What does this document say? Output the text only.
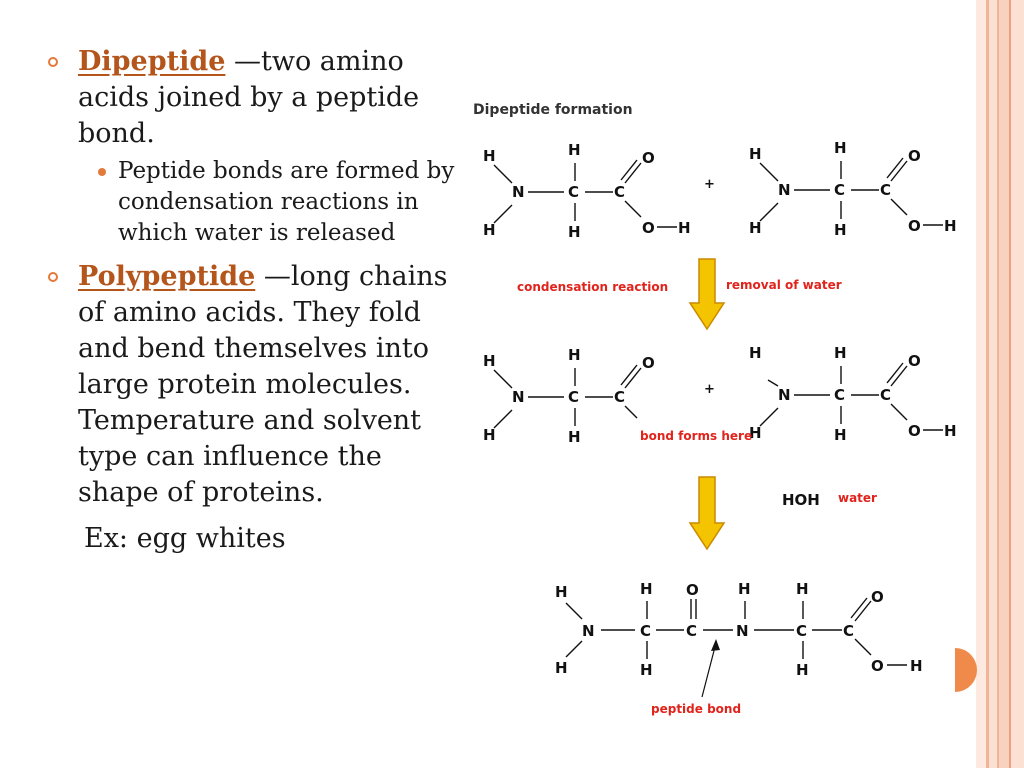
Dipeptide —two amino acids joined by a peptide bond.
Peptide bonds are formed by condensation reactions in which water is released
Polypeptide —long chains of amino acids. They fold and bend themselves into large protein molecules. Temperature and solvent type can influence the shape of proteins.
Ex: egg whites
Dipeptide formation
H
N
H
H
C
H
C
O
O H
+
H
N
H
H
C
H
C
O
O H
condensation reaction	removal of water
H
N
H
H
C
H
C
O
+
H
N
H
H
C
H
C
O
O H
bond forms here
HOH water
H
N
H
H
C
H
O
C
H
N
H
C
H
C
O
O H
peptide bond
